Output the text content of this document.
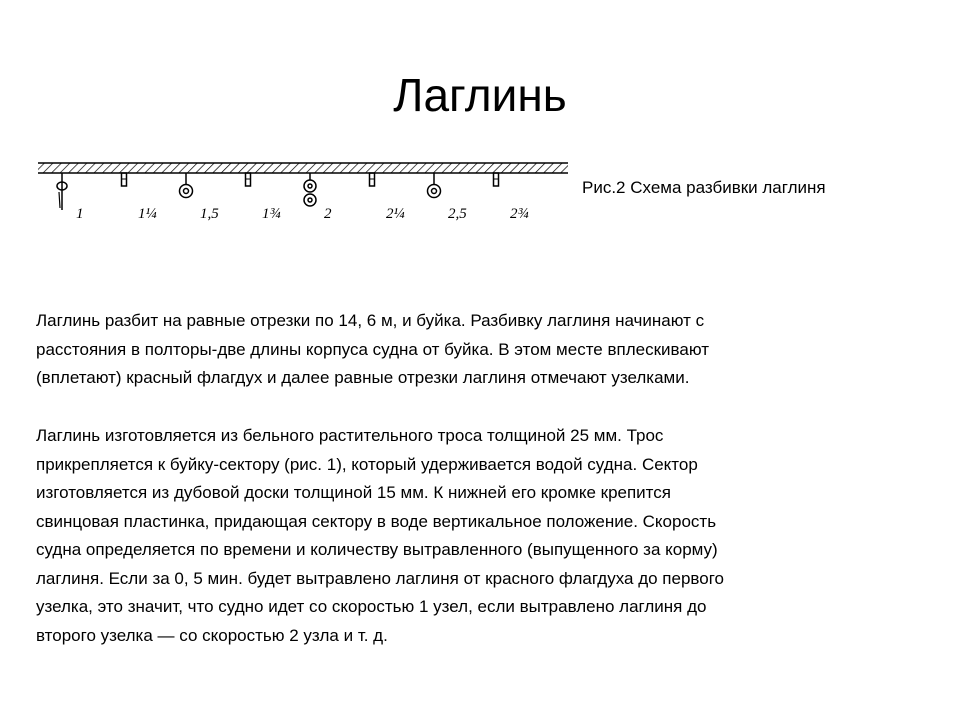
Лаглинь
1	1¼	1,5	1¾	2	2¼	2,5	2¾
Рис.2 Схема разбивки лаглиня

Лаглинь разбит на равные отрезки по 14, 6 м, и буйка. Разбивку лаглиня начинают с
расстояния в полторы-две длины корпуса судна от буйка. В этом месте вплескивают
(вплетают) красный флагдух и далее равные отрезки лаглиня отмечают узелками.

Лаглинь изготовляется из бельного растительного троса толщиной 25 мм. Трос
прикрепляется к буйку-сектору (рис. 1), который удерживается водой судна. Сектор
изготовляется из дубовой доски толщиной 15 мм. К нижней его кромке крепится
свинцовая пластинка, придающая сектору в воде вертикальное положение. Скорость
судна определяется по времени и количеству вытравленного (выпущенного за корму)
лаглиня. Если за 0, 5 мин. будет вытравлено лаглиня от красного флагдуха до первого
узелка, это значит, что судно идет со скоростью 1 узел, если вытравлено лаглиня до
второго узелка — со скоростью 2 узла и т. д.
